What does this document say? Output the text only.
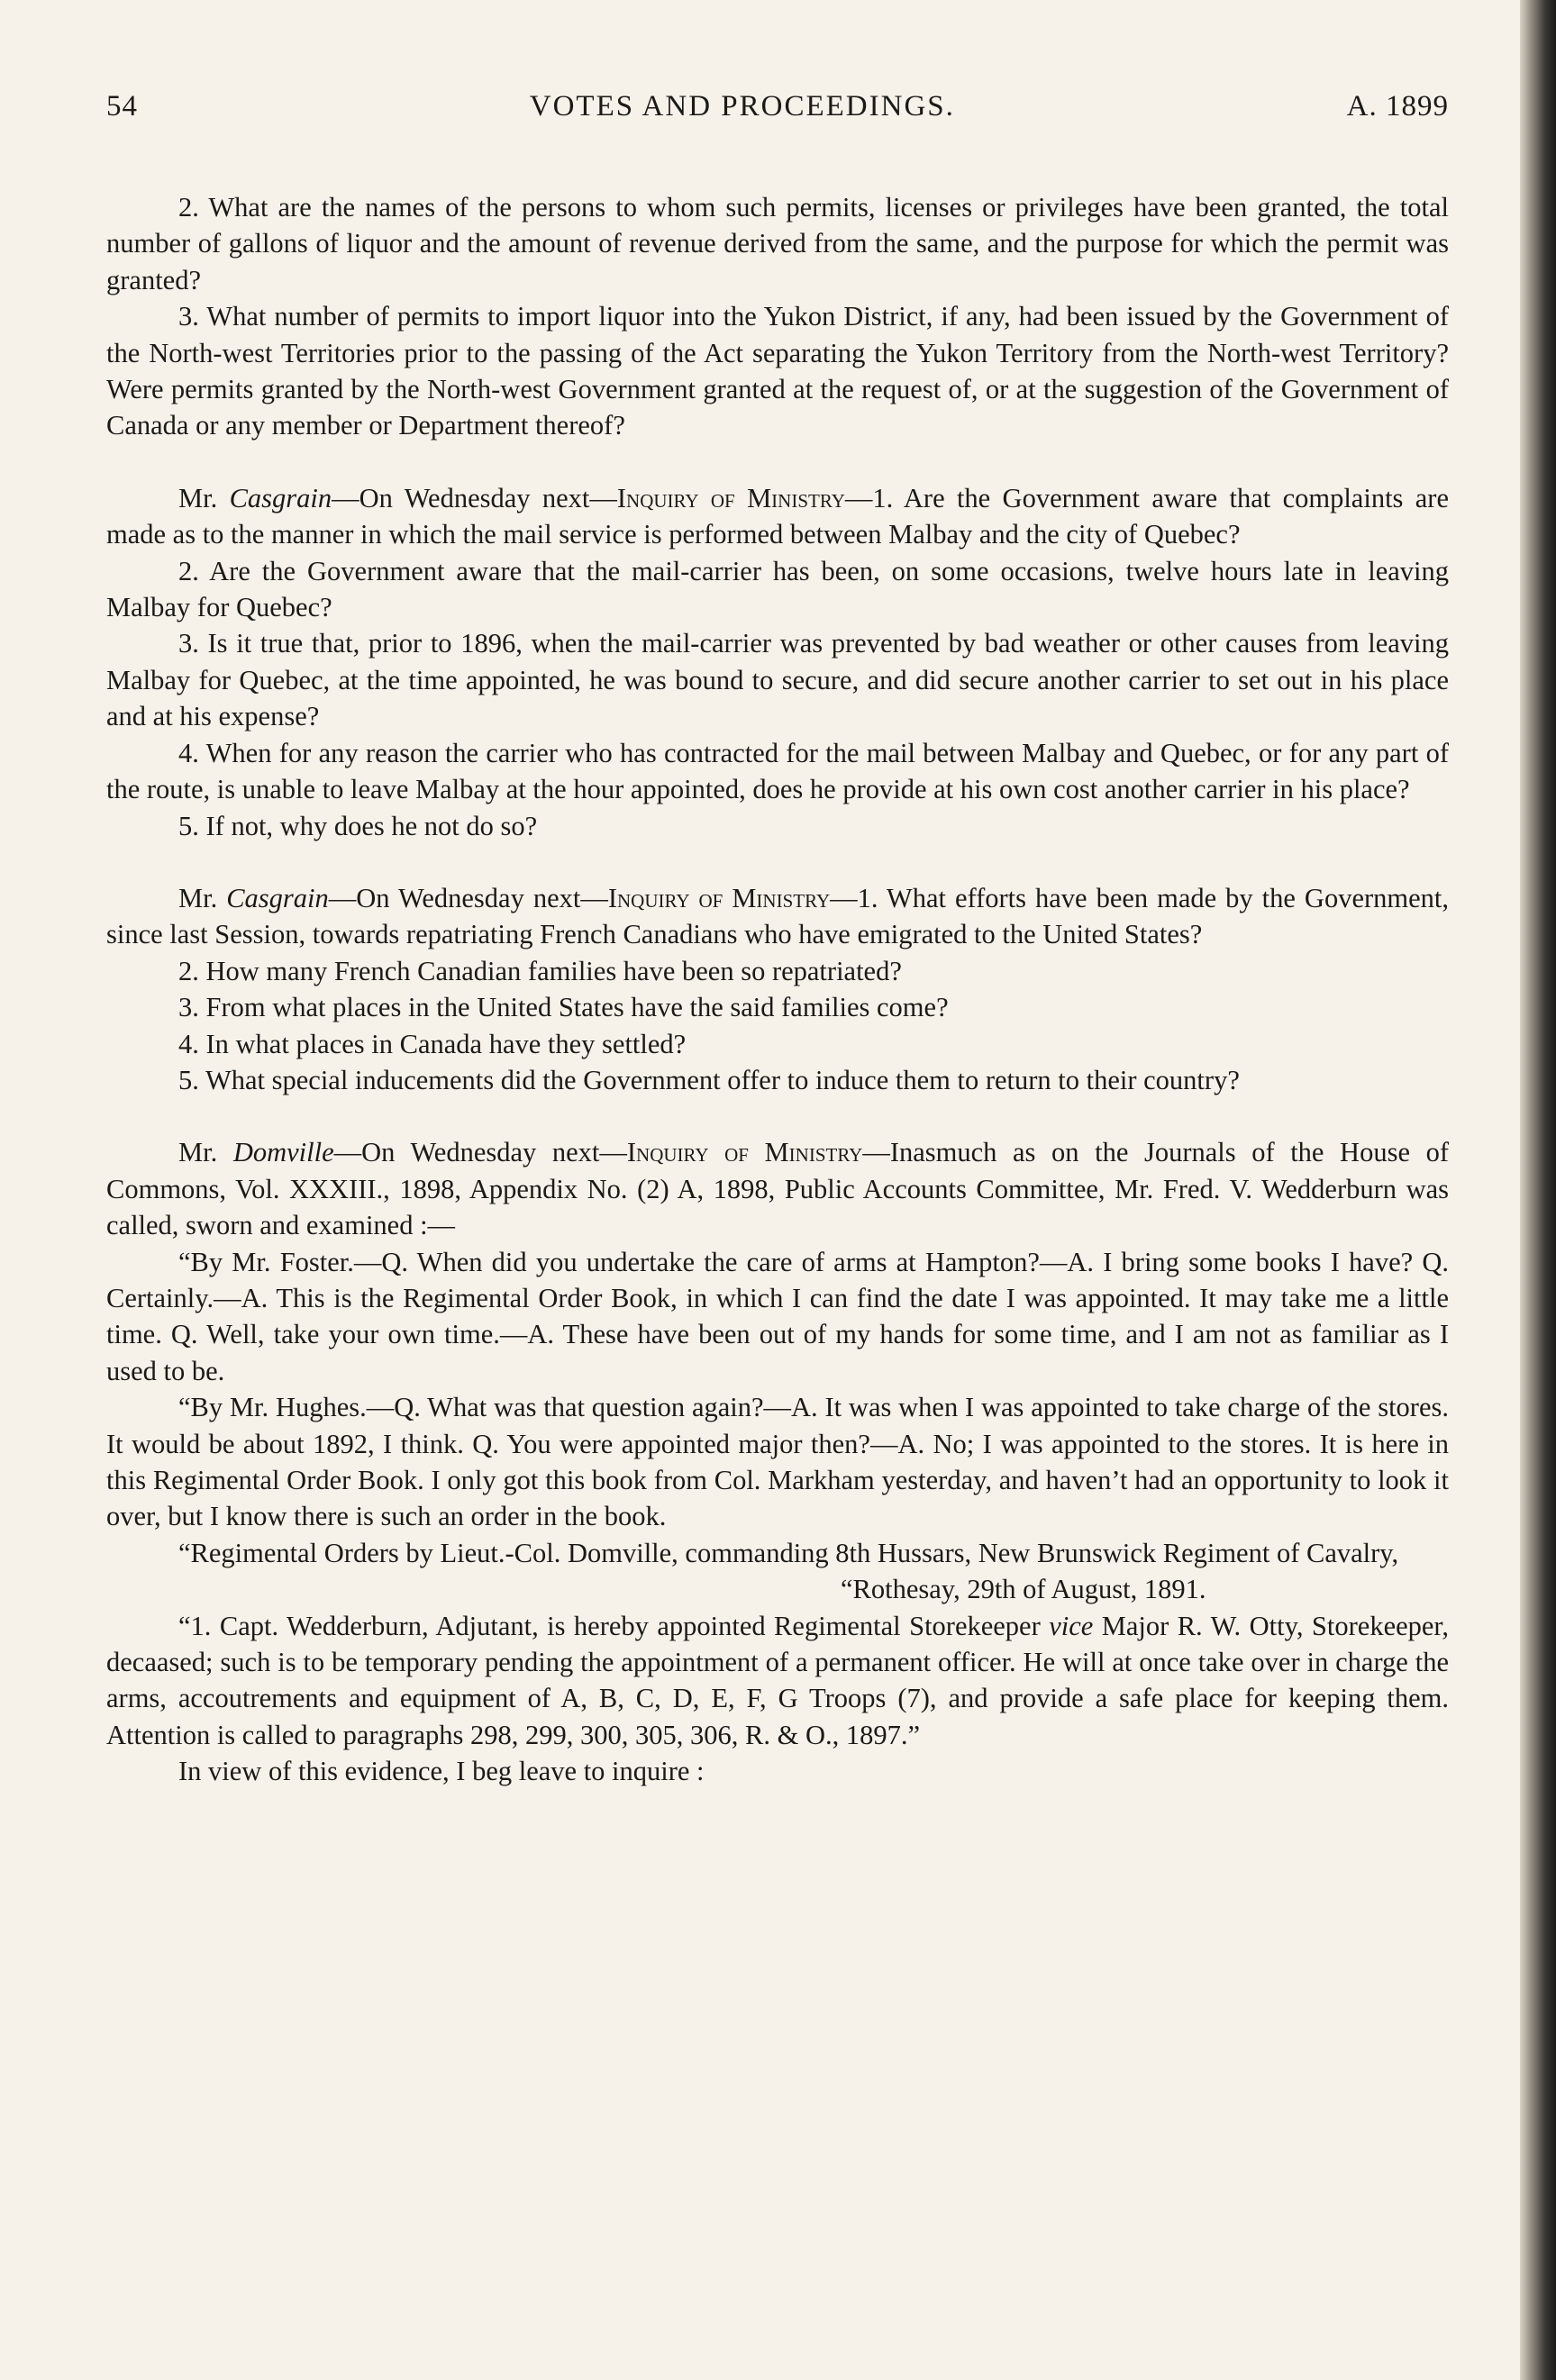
54	VOTES AND PROCEEDINGS.	A. 1899

2. What are the names of the persons to whom such permits, licenses or privileges have been granted, the total number of gallons of liquor and the amount of revenue derived from the same, and the purpose for which the permit was granted?

3. What number of permits to import liquor into the Yukon District, if any, had been issued by the Government of the North-west Territories prior to the passing of the Act separating the Yukon Territory from the North-west Territory? Were permits granted by the North-west Government granted at the request of, or at the suggestion of the Government of Canada or any member or Department thereof?

Mr. Casgrain—On Wednesday next—Inquiry of Ministry—1. Are the Government aware that complaints are made as to the manner in which the mail service is performed between Malbay and the city of Quebec?

2. Are the Government aware that the mail-carrier has been, on some occasions, twelve hours late in leaving Malbay for Quebec?

3. Is it true that, prior to 1896, when the mail-carrier was prevented by bad weather or other causes from leaving Malbay for Quebec, at the time appointed, he was bound to secure, and did secure another carrier to set out in his place and at his expense?

4. When for any reason the carrier who has contracted for the mail between Malbay and Quebec, or for any part of the route, is unable to leave Malbay at the hour appointed, does he provide at his own cost another carrier in his place?

5. If not, why does he not do so?

Mr. Casgrain—On Wednesday next—Inquiry of Ministry—1. What efforts have been made by the Government, since last Session, towards repatriating French Canadians who have emigrated to the United States?

2. How many French Canadian families have been so repatriated?

3. From what places in the United States have the said families come?

4. In what places in Canada have they settled?

5. What special inducements did the Government offer to induce them to return to their country?

Mr. Domville—On Wednesday next—Inquiry of Ministry—Inasmuch as on the Journals of the House of Commons, Vol. XXXIII., 1898, Appendix No. (2) A, 1898, Public Accounts Committee, Mr. Fred. V. Wedderburn was called, sworn and examined :—

“By Mr. Foster.—Q. When did you undertake the care of arms at Hampton?—A. I bring some books I have? Q. Certainly.—A. This is the Regimental Order Book, in which I can find the date I was appointed. It may take me a little time. Q. Well, take your own time.—A. These have been out of my hands for some time, and I am not as familiar as I used to be.

“By Mr. Hughes.—Q. What was that question again?—A. It was when I was appointed to take charge of the stores. It would be about 1892, I think. Q. You were appointed major then?—A. No; I was appointed to the stores. It is here in this Regimental Order Book. I only got this book from Col. Markham yesterday, and haven’t had an opportunity to look it over, but I know there is such an order in the book.

“Regimental Orders by Lieut.-Col. Domville, commanding 8th Hussars, New Brunswick Regiment of Cavalry,

“Rothesay, 29th of August, 1891.

“1. Capt. Wedderburn, Adjutant, is hereby appointed Regimental Storekeeper vice Major R. W. Otty, Storekeeper, decaased; such is to be temporary pending the appointment of a permanent officer. He will at once take over in charge the arms, accoutrements and equipment of A, B, C, D, E, F, G Troops (7), and provide a safe place for keeping them. Attention is called to paragraphs 298, 299, 300, 305, 306, R. & O., 1897.”

In view of this evidence, I beg leave to inquire :
